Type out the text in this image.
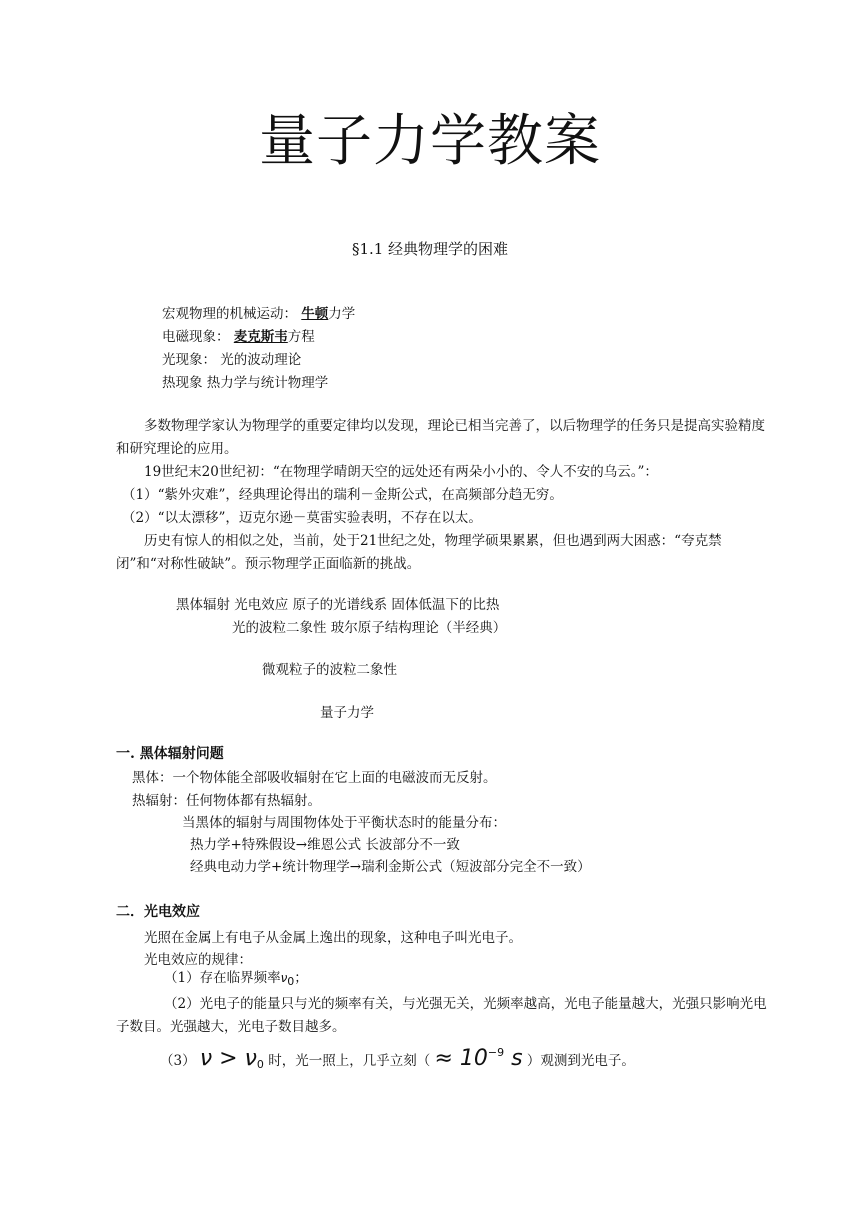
量子力学教案
§1.1 经典物理学的困难
宏观物理的机械运动： 牛顿力学
电磁现象： 麦克斯韦方程
光现象： 光的波动理论
热现象 热力学与统计物理学
多数物理学家认为物理学的重要定律均以发现，理论已相当完善了，以后物理学的任务只是提高实验精度和研究理论的应用。
19世纪末20世纪初：“在物理学晴朗天空的远处还有两朵小小的、令人不安的乌云。”：
（1）“紫外灾难”，经典理论得出的瑞利－金斯公式，在高频部分趋无穷。
（2）“以太漂移”，迈克尔逊－莫雷实验表明，不存在以太。
历史有惊人的相似之处，当前，处于21世纪之处，物理学硕果累累，但也遇到两大困惑：“夸克禁闭”和“对称性破缺”。预示物理学正面临新的挑战。
黑体辐射 光电效应 原子的光谱线系 固体低温下的比热
光的波粒二象性 玻尔原子结构理论（半经典）
微观粒子的波粒二象性
量子力学
一. 黑体辐射问题
黑体：一个物体能全部吸收辐射在它上面的电磁波而无反射。
热辐射：任何物体都有热辐射。
当黑体的辐射与周围物体处于平衡状态时的能量分布：
热力学+特殊假设→维恩公式 长波部分不一致
经典电动力学+统计物理学→瑞利金斯公式（短波部分完全不一致）
二．光电效应
光照在金属上有电子从金属上逸出的现象，这种电子叫光电子。
光电效应的规律：
（1）存在临界频率ν0；
（2）光电子的能量只与光的频率有关，与光强无关，光频率越高，光电子能量越大，光强只影响光电子数目。光强越大，光电子数目越多。
（3） $\nu > \nu_0$ 时，光一照上，几乎立刻（ ≈ $10^{-9}$ s ）观测到光电子。
